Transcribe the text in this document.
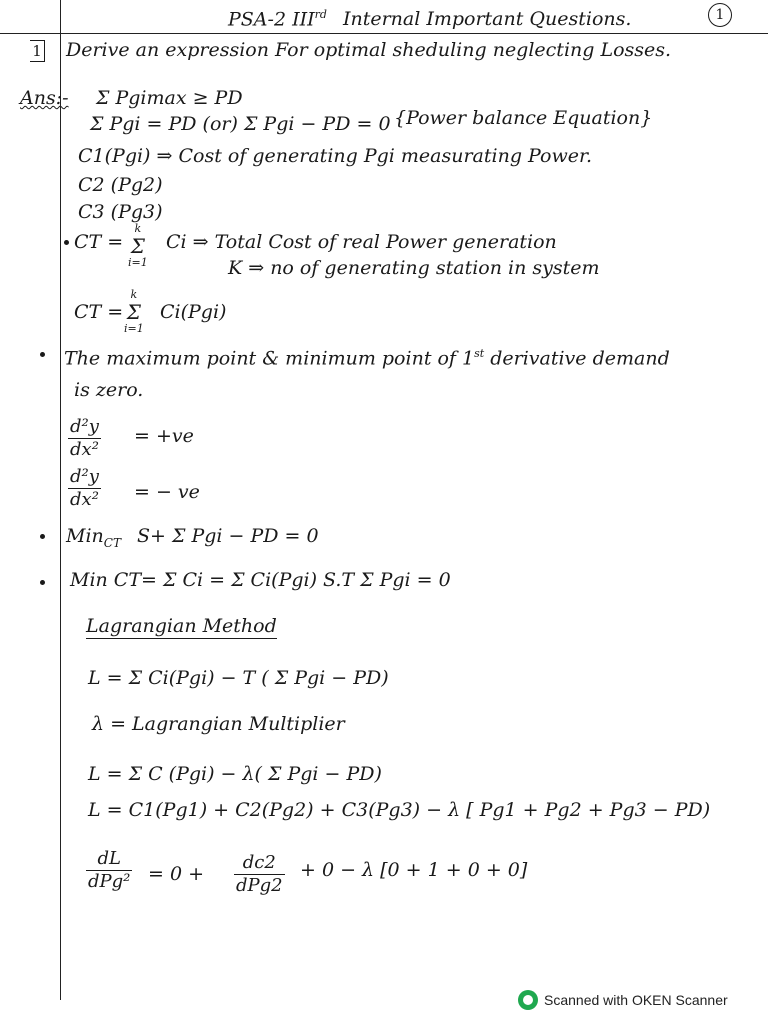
PSA-2 IIIrd Internal Important Questions.	1
1 Derive an expression For optimal sheduling neglecting Losses.
Ans:- Σ Pgimax ≥ PD
Σ Pgi = PD (or) Σ Pgi − PD = 0 {Power balance Equation}
C1(Pgi) ⇒ Cost of generating Pgi measurating Power.
C2 (Pg2)
C3 (Pg3)
CT =
k
Σ
i=1
Ci ⇒ Total Cost of real Power generation
K ⇒ no of generating station in system
CT =
k
Σ
i=1
Ci(Pgi)
The maximum point & minimum point of 1st derivative demand
is zero.
$\frac{\text{d²y}}{\text{dx²}} = +ve$
$\frac{\text{d²y}}{\text{dx²}}$ = − ve
Min$_{CT}$ S+ Σ Pgi − PD = 0
Min CT= Σ Ci = Σ Ci(Pgi) S.T Σ Pgi = 0
Lagrangian Method
L = Σ Ci(Pgi) − T ( Σ Pgi − PD)
λ = Lagrangian Multiplier
L = Σ C (Pgi) − λ( Σ Pgi − PD)
L = C1(Pg1) + C2(Pg2) + C3(Pg3) − λ [ Pg1 + Pg2 + Pg3 − PD)
dL
dPg² = 0 +
dc2
dPg2
+ 0 − λ [0 + 1 + 0 + 0]
Scanned with OKEN Scanner
